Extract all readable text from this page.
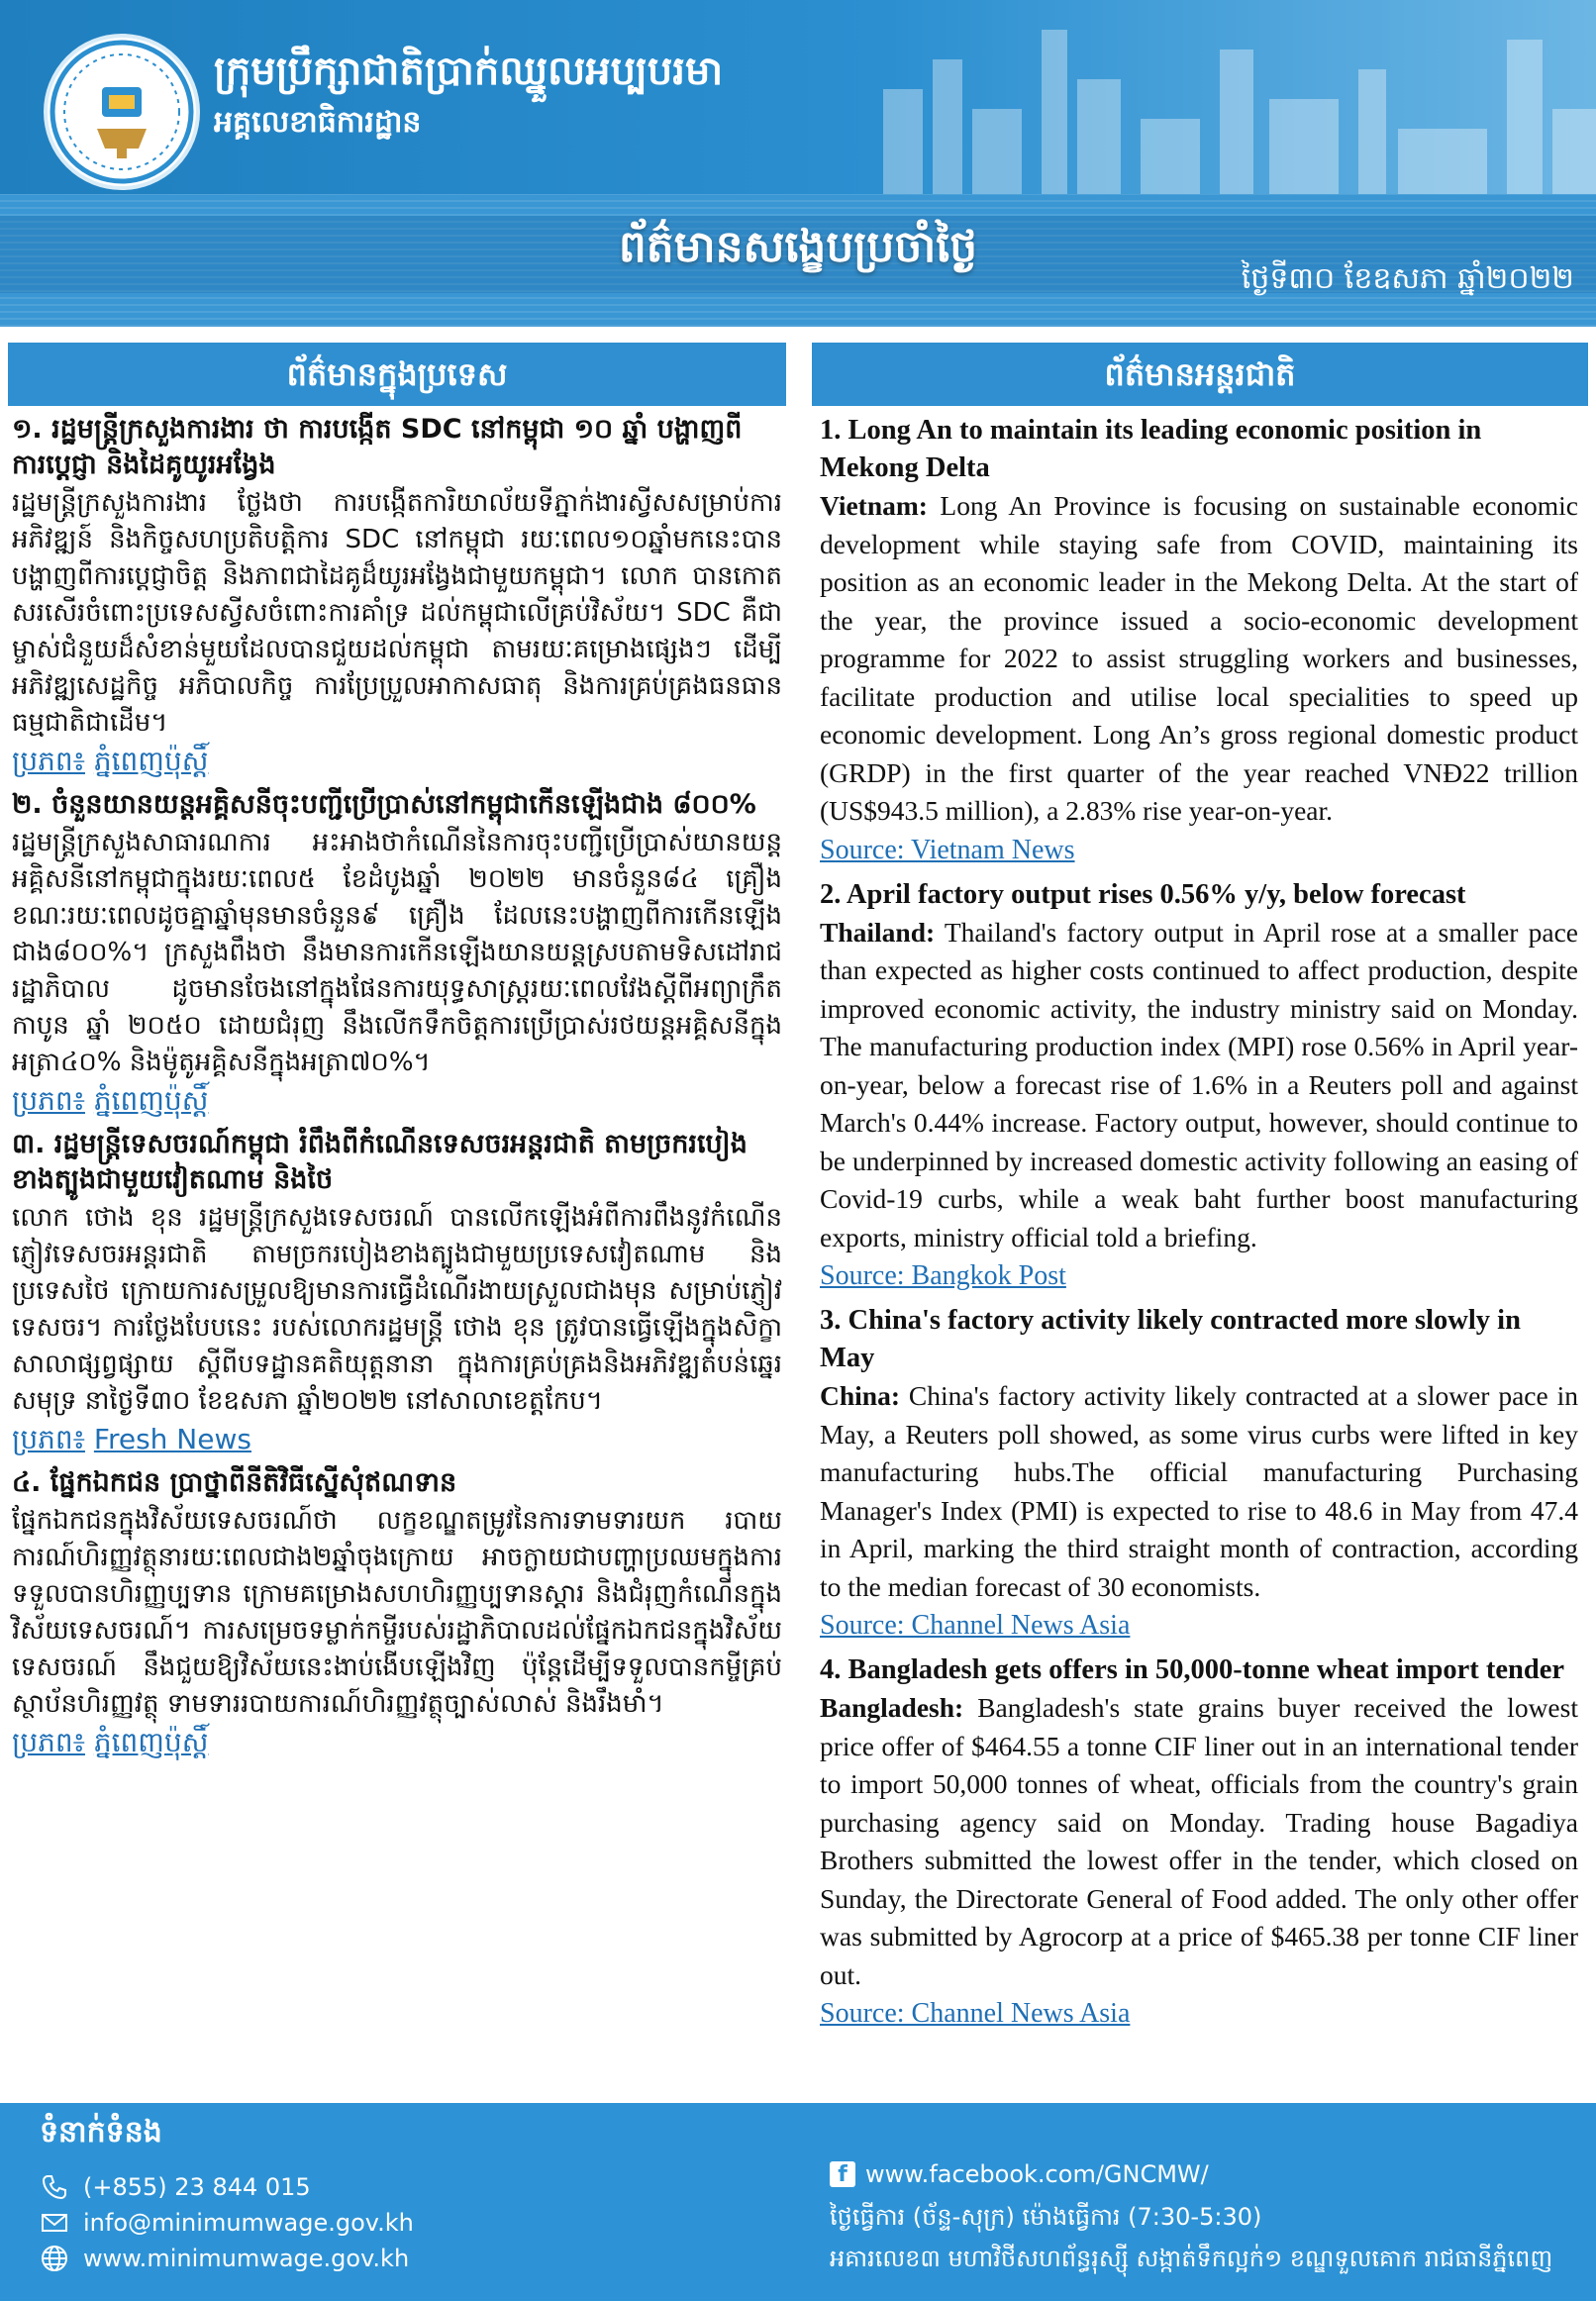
ក្រុមប្រឹក្សាជាតិប្រាក់ឈ្នួលអប្បបរមា
អគ្គលេខាធិការដ្ឋាន
ព័ត៌មានសង្ខេបប្រចាំថ្ងៃ
ថ្ងៃទី៣០ ខែឧសភា ឆ្នាំ២០២២
ព័ត៌មានក្នុងប្រទេស
១. រដ្ឋមន្ត្រីក្រសួងការងារ ថា ការបង្កើត SDC នៅកម្ពុជា ១០ ឆ្នាំ បង្ហាញពីការប្តេជ្ញា និងដៃគូយូរអង្វែង
រដ្ឋមន្ត្រីក្រសួងការងារ ថ្លែងថា ការបង្កើតការិយាល័យទីភ្នាក់ងារស្វីសសម្រាប់ការអភិវឌ្ឍន៍ និងកិច្ចសហប្រតិបត្តិការ SDC នៅកម្ពុជា រយៈពេល១០ឆ្នាំមកនេះបានបង្ហាញពីការប្តេជ្ញាចិត្ត និងភាពជាដៃគូដ៏យូរអង្វែងជាមួយកម្ពុជា។ លោក បានកោតសរសើរចំពោះប្រទេសស្វីសចំពោះការគាំទ្រ ដល់កម្ពុជាលើគ្រប់វិស័យ។ SDC គឺជាម្ចាស់ជំនួយដ៏សំខាន់មួយដែលបានជួយដល់កម្ពុជា តាមរយៈគម្រោងផ្សេងៗ ដើម្បីអភិវឌ្ឍសេដ្ឋកិច្ច អភិបាលកិច្ច ការប្រែប្រួលអាកាសធាតុ និងការគ្រប់គ្រងធនធានធម្មជាតិជាដើម។
ប្រភព៖ ភ្នំពេញប៉ុស្តិ៍
២. ចំនួនយានយន្តអគ្គិសនីចុះបញ្ជីប្រើប្រាស់នៅកម្ពុជាកើនឡើងជាង ៨០០%
រដ្ឋមន្ត្រីក្រសួងសាធារណការ អះអាងថាកំណើននៃការចុះបញ្ជីប្រើប្រាស់យានយន្តអគ្គិសនីនៅកម្ពុជាក្នុងរយៈពេល៥ ខែដំបូងឆ្នាំ ២០២២ មានចំនួន៨៤ គ្រឿង ខណៈរយៈពេលដូចគ្នាឆ្នាំមុនមានចំនួន៩ គ្រឿង ដែលនេះបង្ហាញពីការកើនឡើងជាង៨០០%។ ក្រសួងពឹងថា នឹងមានការកើនឡើងយានយន្តស្របតាមទិសដៅរាជរដ្ឋាភិបាល ដូចមានចែងនៅក្នុងផែនការយុទ្ធសាស្ត្ររយៈពេលវែងស្តីពីអព្យាក្រឹតកាបូន ឆ្នាំ ២០៥០ ដោយជំរុញ នឹងលើកទឹកចិត្តការប្រើប្រាស់រថយន្តអគ្គិសនីក្នុងអត្រា៤០% និងម៉ូតូអគ្គិសនីក្នុងអត្រា៧០%។
ប្រភព៖ ភ្នំពេញប៉ុស្តិ៍
៣. រដ្ឋមន្ត្រីទេសចរណ៍កម្ពុជា រំពឹងពីកំណើនទេសចរអន្តរជាតិ តាមច្រករបៀងខាងត្បូងជាមួយវៀតណាម និងថៃ
លោក ថោង ខុន រដ្ឋមន្ត្រីក្រសួងទេសចរណ៍ បានលើកឡើងអំពីការពឹងនូវកំណើនភ្ញៀវទេសចរអន្តរជាតិ តាមច្រករបៀងខាងត្បូងជាមួយប្រទេសវៀតណាម និងប្រទេសថៃ ក្រោយការសម្រួលឱ្យមានការធ្វើដំណើរងាយស្រួលជាងមុន សម្រាប់ភ្ញៀវទេសចរ។ ការថ្លែងបែបនេះ របស់លោករដ្ឋមន្ត្រី ថោង ខុន ត្រូវបានធ្វើឡើងក្នុងសិក្ខាសាលាផ្សព្វផ្សាយ ស្តីពីបទដ្ឋានគតិយុត្តនានា ក្នុងការគ្រប់គ្រងនិងអភិវឌ្ឍតំបន់ឆ្នេរសមុទ្រ នាថ្ងៃទី៣០ ខែឧសភា ឆ្នាំ២០២២ នៅសាលាខេត្តកែប។
ប្រភព៖ Fresh News
៤. ផ្នែកឯកជន ប្រាថ្នាពីនីតិវិធីស្នើសុំឥណទាន
ផ្នែកឯកជនក្នុងវិស័យទេសចរណ៍ថា លក្ខខណ្ឌតម្រូវនៃការទាមទារយក របាយការណ៍ហិរញ្ញវត្ថុនារយៈពេលជាង២ឆ្នាំចុងក្រោយ អាចក្លាយជាបញ្ហាប្រឈមក្នុងការទទួលបានហិរញ្ញប្បទាន ក្រោមគម្រោងសហហិរញ្ញប្បទានស្តារ និងជំរុញកំណើនក្នុងវិស័យទេសចរណ៍។ ការសម្រេចទម្លាក់កម្ចីរបស់រដ្ឋាភិបាលដល់ផ្នែកឯកជនក្នុងវិស័យទេសចរណ៍ នឹងជួយឱ្យវិស័យនេះងាប់ងើបឡើងវិញ ប៉ុន្តែដើម្បីទទួលបានកម្ចីគ្រប់ស្ថាប័នហិរញ្ញវត្ថុ ទាមទាររបាយការណ៍ហិរញ្ញវត្ថុច្បាស់លាស់ និងរឹងមាំ។
ប្រភព៖ ភ្នំពេញប៉ុស្តិ៍
ព័ត៌មានអន្តរជាតិ
1. Long An to maintain its leading economic position in Mekong Delta
Vietnam: Long An Province is focusing on sustainable economic development while staying safe from COVID, maintaining its position as an economic leader in the Mekong Delta. At the start of the year, the province issued a socio-economic development programme for 2022 to assist struggling workers and businesses, facilitate production and utilise local specialities to speed up economic development. Long An’s gross regional domestic product (GRDP) in the first quarter of the year reached VNĐ22 trillion (US$943.5 million), a 2.83% rise year-on-year.
Source: Vietnam News
2. April factory output rises 0.56% y/y, below forecast
Thailand: Thailand's factory output in April rose at a smaller pace than expected as higher costs continued to affect production, despite improved economic activity, the industry ministry said on Monday. The manufacturing production index (MPI) rose 0.56% in April year-on-year, below a forecast rise of 1.6% in a Reuters poll and against March's 0.44% increase. Factory output, however, should continue to be underpinned by increased domestic activity following an easing of Covid-19 curbs, while a weak baht further boost manufacturing exports, ministry official told a briefing.
Source: Bangkok Post
3. China's factory activity likely contracted more slowly in May
China: China's factory activity likely contracted at a slower pace in May, a Reuters poll showed, as some virus curbs were lifted in key manufacturing hubs.The official manufacturing Purchasing Manager's Index (PMI) is expected to rise to 48.6 in May from 47.4 in April, marking the third straight month of contraction, according to the median forecast of 30 economists.
Source: Channel News Asia
4. Bangladesh gets offers in 50,000-tonne wheat import tender
Bangladesh: Bangladesh's state grains buyer received the lowest price offer of $464.55 a tonne CIF liner out in an international tender to import 50,000 tonnes of wheat, officials from the country's grain purchasing agency said on Monday. Trading house Bagadiya Brothers submitted the lowest offer in the tender, which closed on Sunday, the Directorate General of Food added. The only other offer was submitted by Agrocorp at a price of $465.38 per tonne CIF liner out.
Source: Channel News Asia
ទំនាក់ទំនង
(+855) 23 844 015
info@minimumwage.gov.kh
www.minimumwage.gov.kh
f www.facebook.com/GNCMW/
ថ្ងៃធ្វើការ (ច័ន្ទ-សុក្រ) ម៉ោងធ្វើការ (7:30-5:30)
អគារលេខ៣ មហាវិថីសហព័ន្ធរុស្ស៊ី សង្កាត់ទឹកល្អក់១ ខណ្ឌទួលគោក រាជធានីភ្នំពេញ
